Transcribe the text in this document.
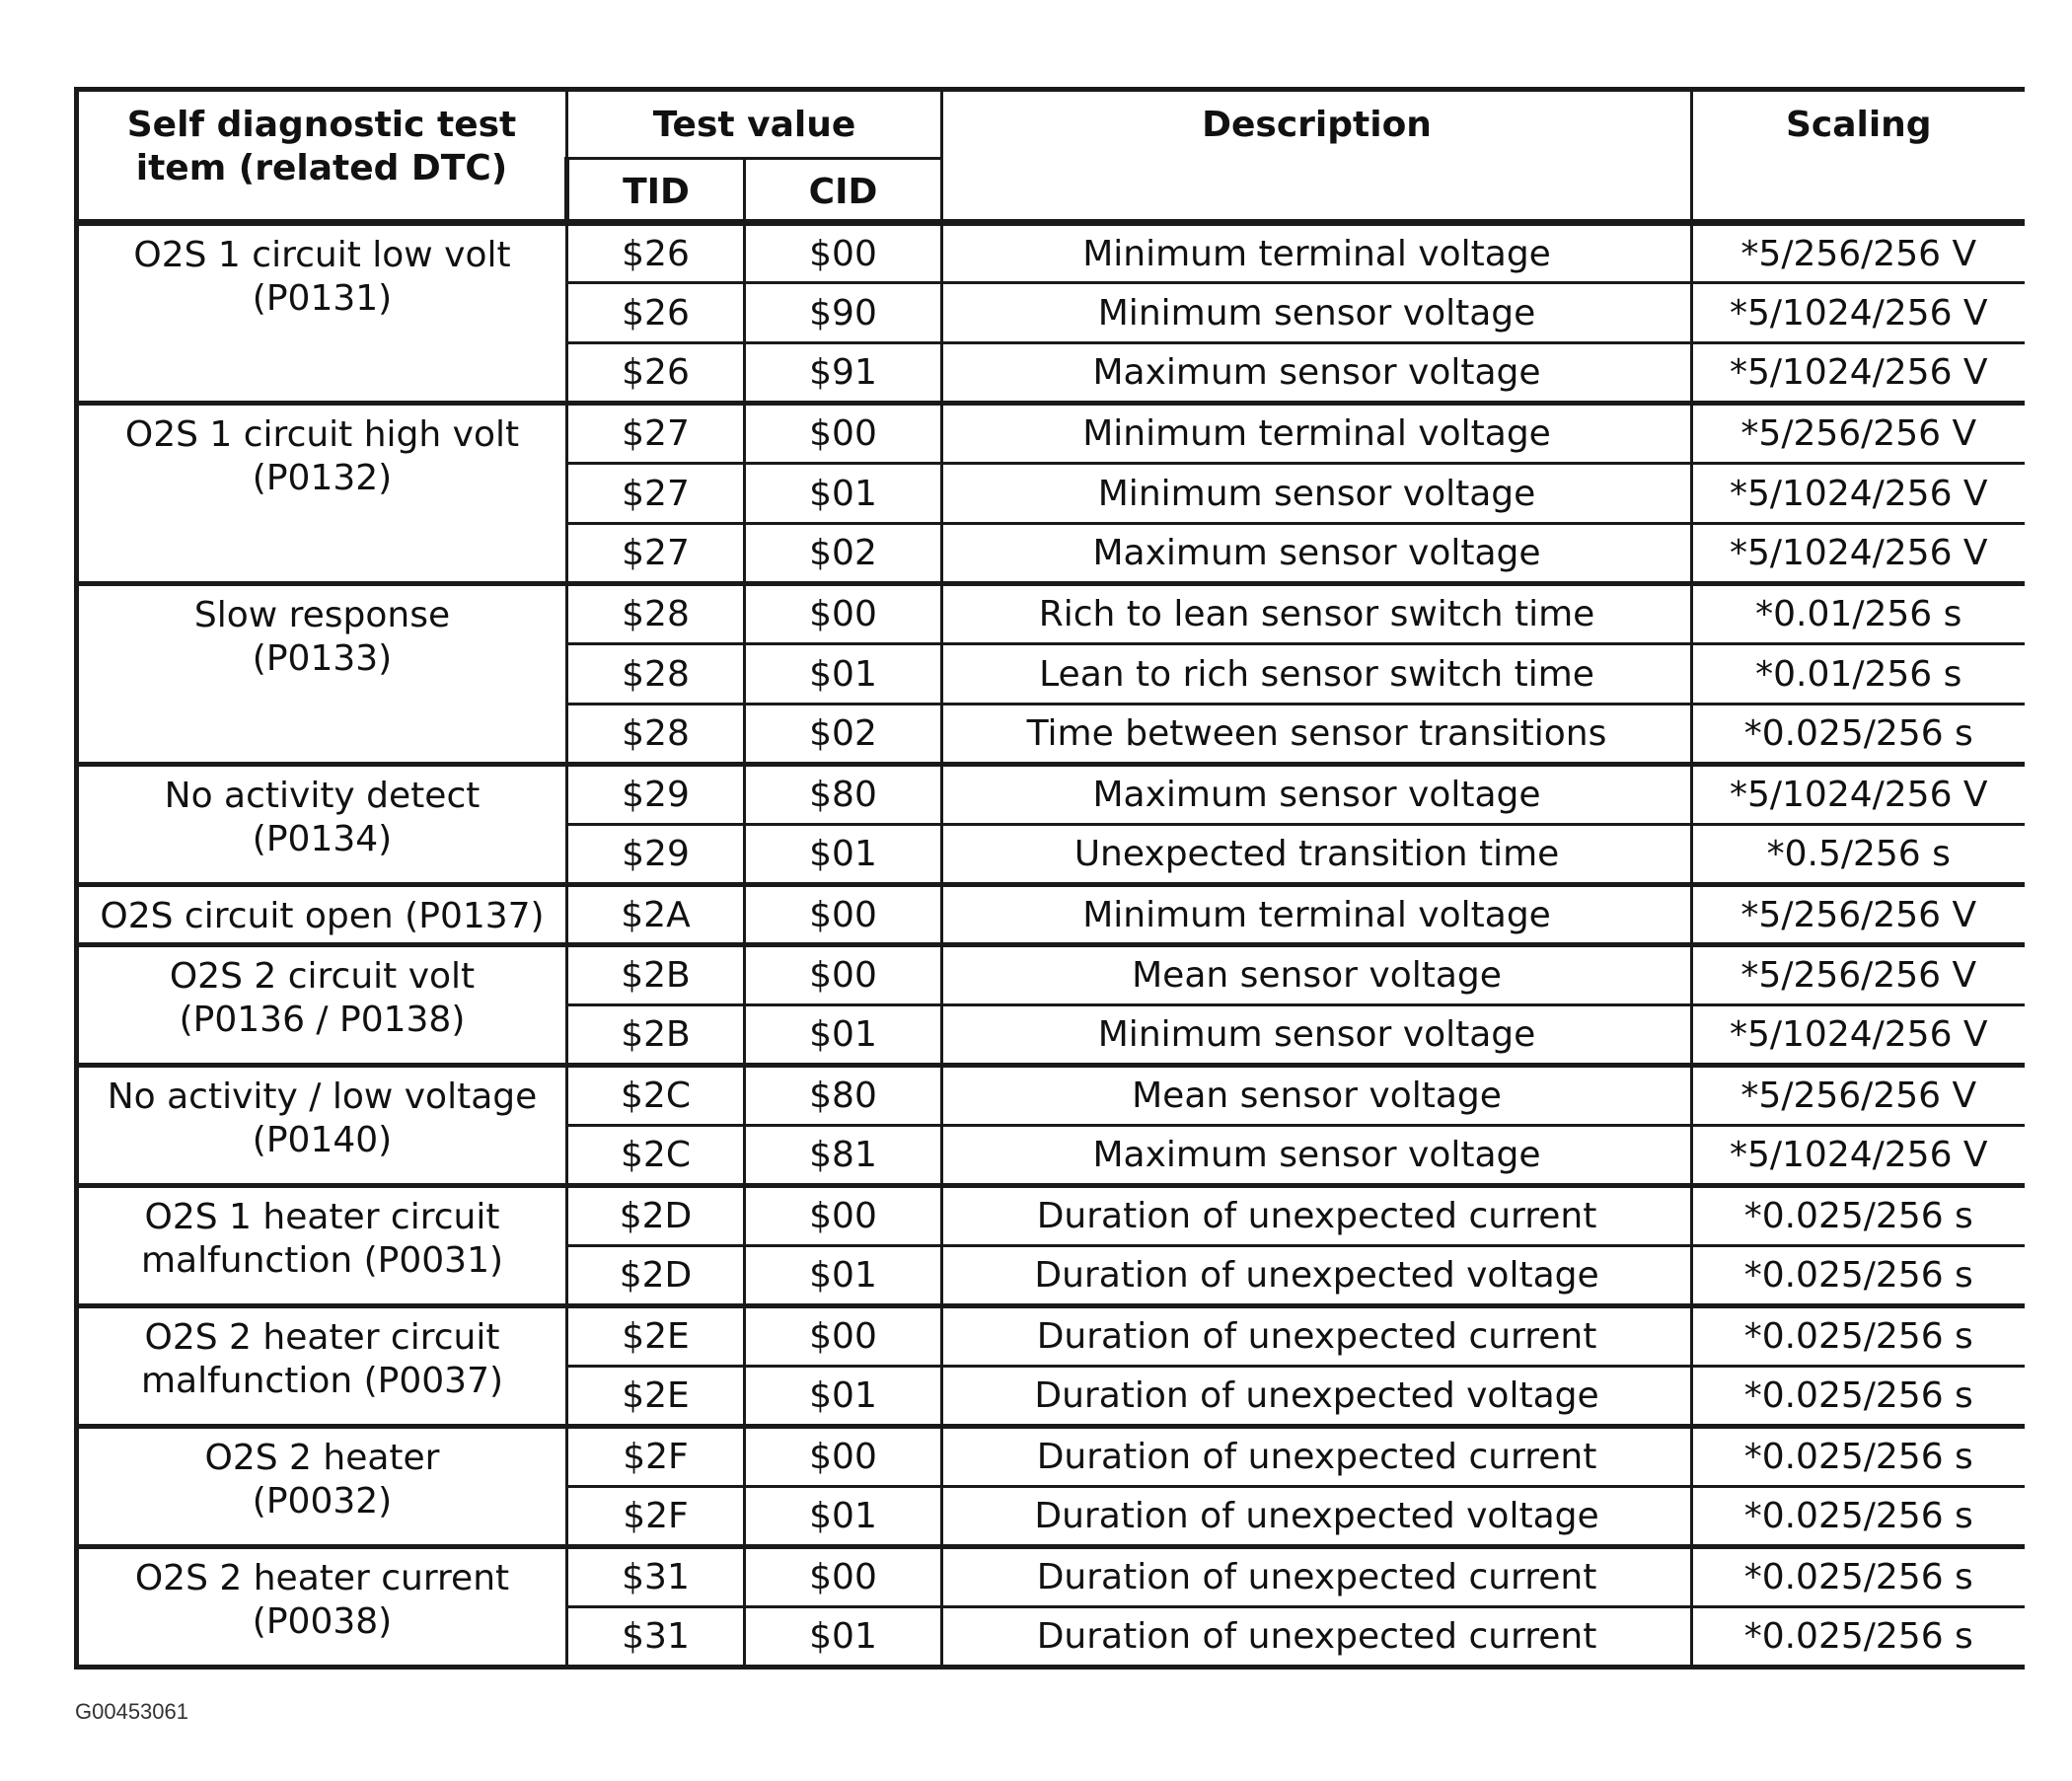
Self diagnostic test item (related DTC)	Test value		Description	Scaling
	TID	CID		

O2S 1 circuit low volt
(P0131)	$26	$00	Minimum terminal voltage	*5/256/256 V
	$26	$90	Minimum sensor voltage	*5/1024/256 V
	$26	$91	Maximum sensor voltage	*5/1024/256 V

O2S 1 circuit high volt
(P0132)	$27	$00	Minimum terminal voltage	*5/256/256 V
	$27	$01	Minimum sensor voltage	*5/1024/256 V
	$27	$02	Maximum sensor voltage	*5/1024/256 V

Slow response
(P0133)	$28	$00	Rich to lean sensor switch time	*0.01/256 s
	$28	$01	Lean to rich sensor switch time	*0.01/256 s
	$28	$02	Time between sensor transitions	*0.025/256 s

No activity detect
(P0134)	$29	$80	Maximum sensor voltage	*5/1024/256 V
	$29	$01	Unexpected transition time	*0.5/256 s

O2S circuit open (P0137)	$2A	$00	Minimum terminal voltage	*5/256/256 V

O2S 2 circuit volt
(P0136 / P0138)	$2B	$00	Mean sensor voltage	*5/256/256 V
	$2B	$01	Minimum sensor voltage	*5/1024/256 V

No activity / low voltage
(P0140)	$2C	$80	Mean sensor voltage	*5/256/256 V
	$2C	$81	Maximum sensor voltage	*5/1024/256 V

O2S 1 heater circuit
malfunction (P0031)	$2D	$00	Duration of unexpected current	*0.025/256 s
	$2D	$01	Duration of unexpected voltage	*0.025/256 s

O2S 2 heater circuit
malfunction (P0037)	$2E	$00	Duration of unexpected current	*0.025/256 s
	$2E	$01	Duration of unexpected voltage	*0.025/256 s

O2S 2 heater
(P0032)	$2F	$00	Duration of unexpected current	*0.025/256 s
	$2F	$01	Duration of unexpected voltage	*0.025/256 s

O2S 2 heater current
(P0038)	$31	$00	Duration of unexpected current	*0.025/256 s
	$31	$01	Duration of unexpected current	*0.025/256 s
G00453061
